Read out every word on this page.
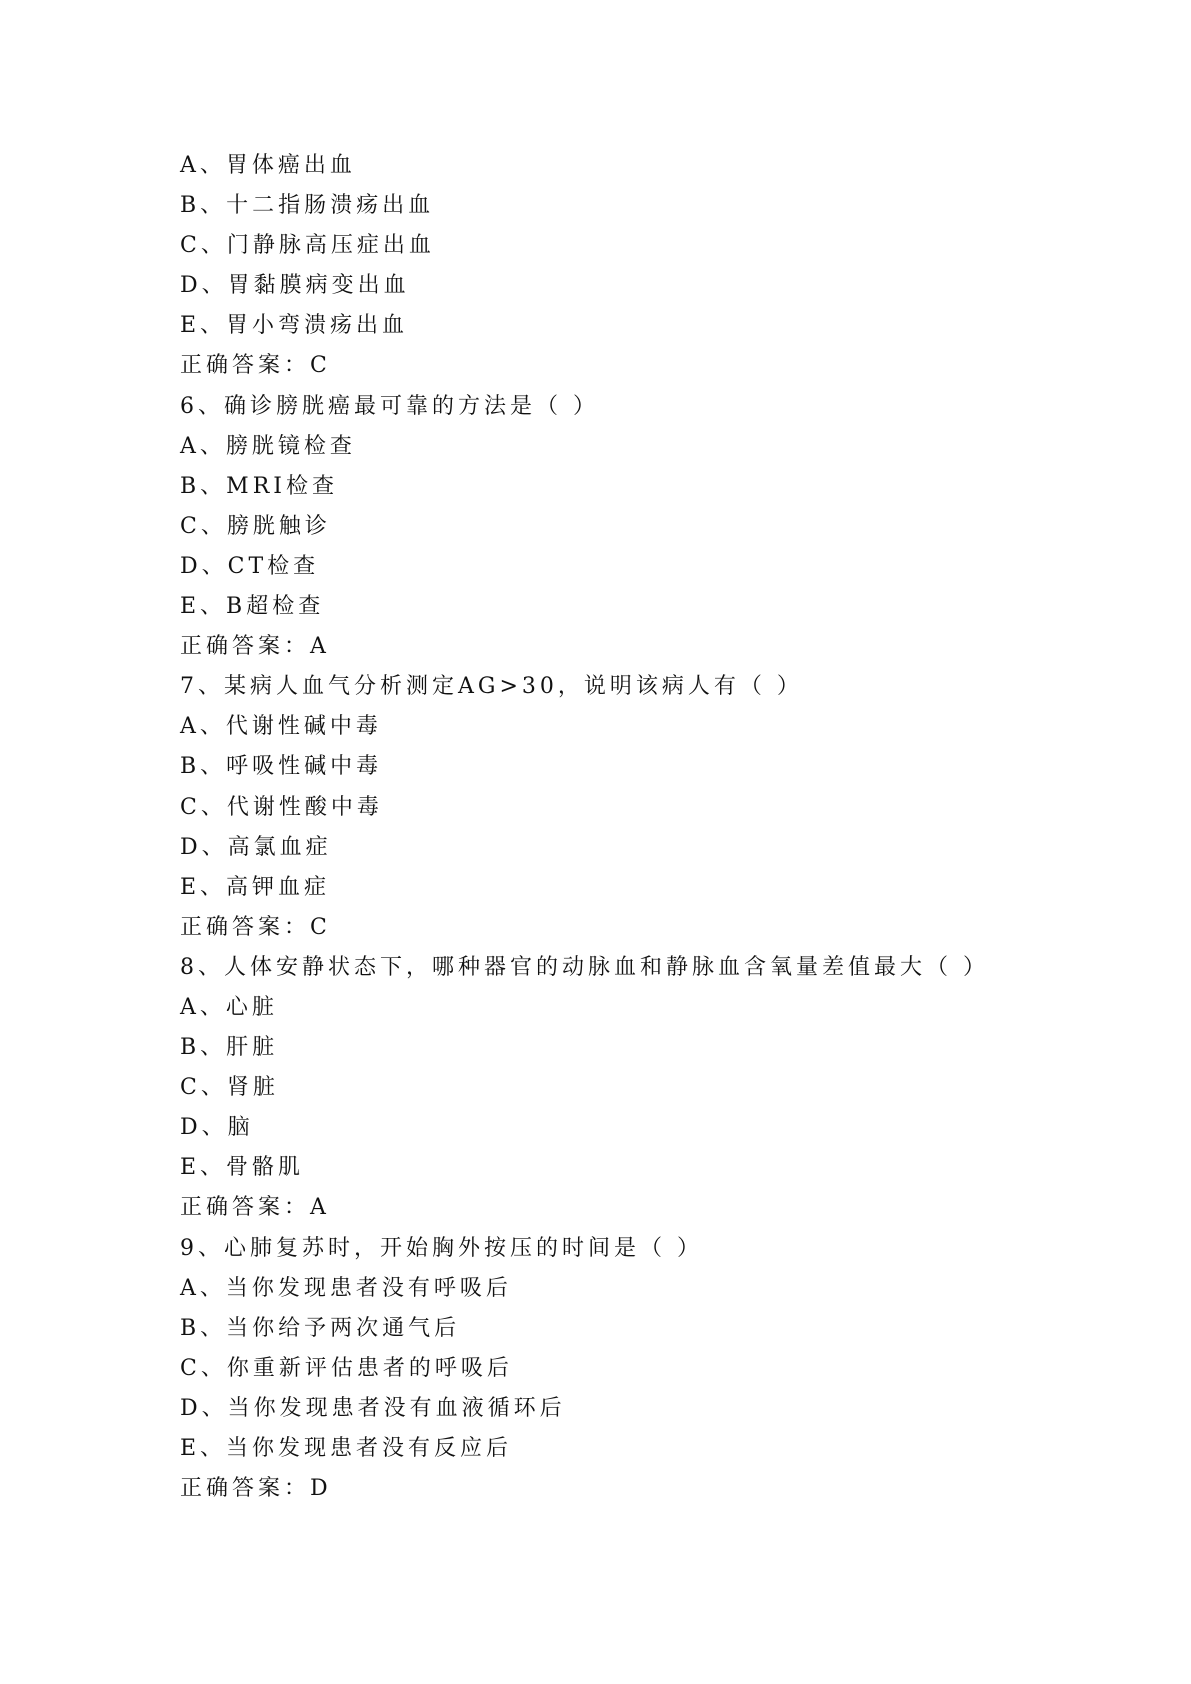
A、胃体癌出血
B、十二指肠溃疡出血
C、门静脉高压症出血
D、胃黏膜病变出血
E、胃小弯溃疡出血
正确答案：C
6、确诊膀胱癌最可靠的方法是（ ）
A、膀胱镜检查
B、MRI检查
C、膀胱触诊
D、CT检查
E、B超检查
正确答案：A
7、某病人血气分析测定AG>30，说明该病人有（ ）
A、代谢性碱中毒
B、呼吸性碱中毒
C、代谢性酸中毒
D、高氯血症
E、高钾血症
正确答案：C
8、人体安静状态下，哪种器官的动脉血和静脉血含氧量差值最大（ ）
A、心脏
B、肝脏
C、肾脏
D、脑
E、骨骼肌
正确答案：A
9、心肺复苏时，开始胸外按压的时间是（ ）
A、当你发现患者没有呼吸后
B、当你给予两次通气后
C、你重新评估患者的呼吸后
D、当你发现患者没有血液循环后
E、当你发现患者没有反应后
正确答案：D
